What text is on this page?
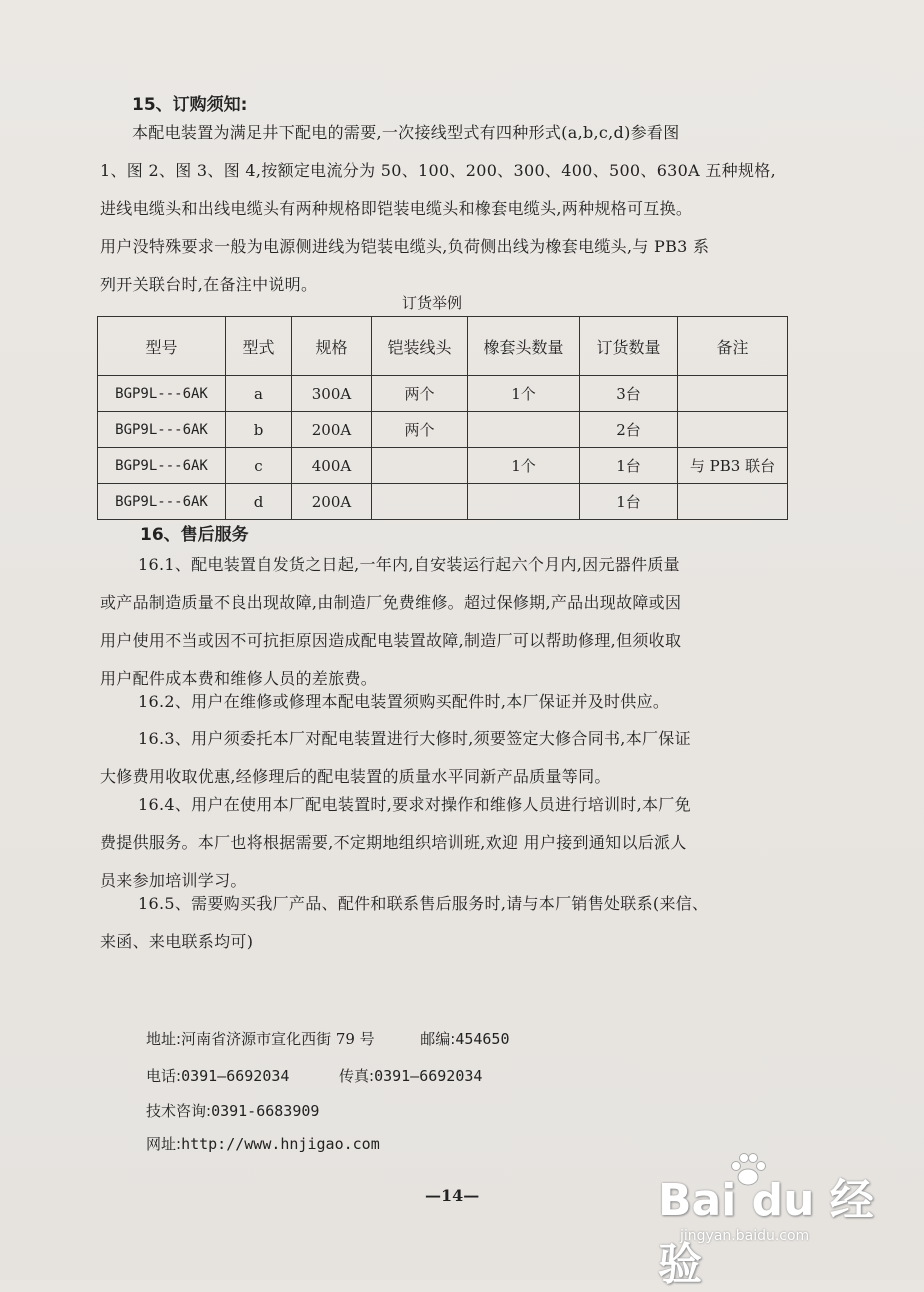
15、订购须知:
本配电装置为满足井下配电的需要,一次接线型式有四种形式(a,b,c,d)参看图
1、图 2、图 3、图 4,按额定电流分为 50、100、200、300、400、500、630A 五种规格,
进线电缆头和出线电缆头有两种规格即铠装电缆头和橡套电缆头,两种规格可互换。
用户没特殊要求一般为电源侧进线为铠装电缆头,负荷侧出线为橡套电缆头,与 PB3 系
列开关联台时,在备注中说明。
订货举例
型号	型式	规格	铠装线头	橡套头数量	订货数量	备注
BGP9L---6AK	a	300A	两个	1个	3台	
BGP9L---6AK	b	200A	两个		2台	
BGP9L---6AK	c	400A		1个	1台	与 PB3 联台
BGP9L---6AK	d	200A			1台	
16、售后服务
16.1、配电装置自发货之日起,一年内,自安装运行起六个月内,因元器件质量
或产品制造质量不良出现故障,由制造厂免费维修。超过保修期,产品出现故障或因
用户使用不当或因不可抗拒原因造成配电装置故障,制造厂可以帮助修理,但须收取
用户配件成本费和维修人员的差旅费。
16.2、用户在维修或修理本配电装置须购买配件时,本厂保证并及时供应。
16.3、用户须委托本厂对配电装置进行大修时,须要签定大修合同书,本厂保证
大修费用收取优惠,经修理后的配电装置的质量水平同新产品质量等同。
16.4、用户在使用本厂配电装置时,要求对操作和维修人员进行培训时,本厂免
费提供服务。本厂也将根据需要,不定期地组织培训班,欢迎 用户接到通知以后派人
员来参加培训学习。
16.5、需要购买我厂产品、配件和联系售后服务时,请与本厂销售处联系(来信、
来函、来电联系均可)
地址:河南省济源市宣化西街 79 号	邮编:454650
电话:0391—6692034	传真:0391—6692034
技术咨询:0391-6683909
网址:http://www.hnjigao.com
—14—	Bai du 经验
jingyan.baidu.com
